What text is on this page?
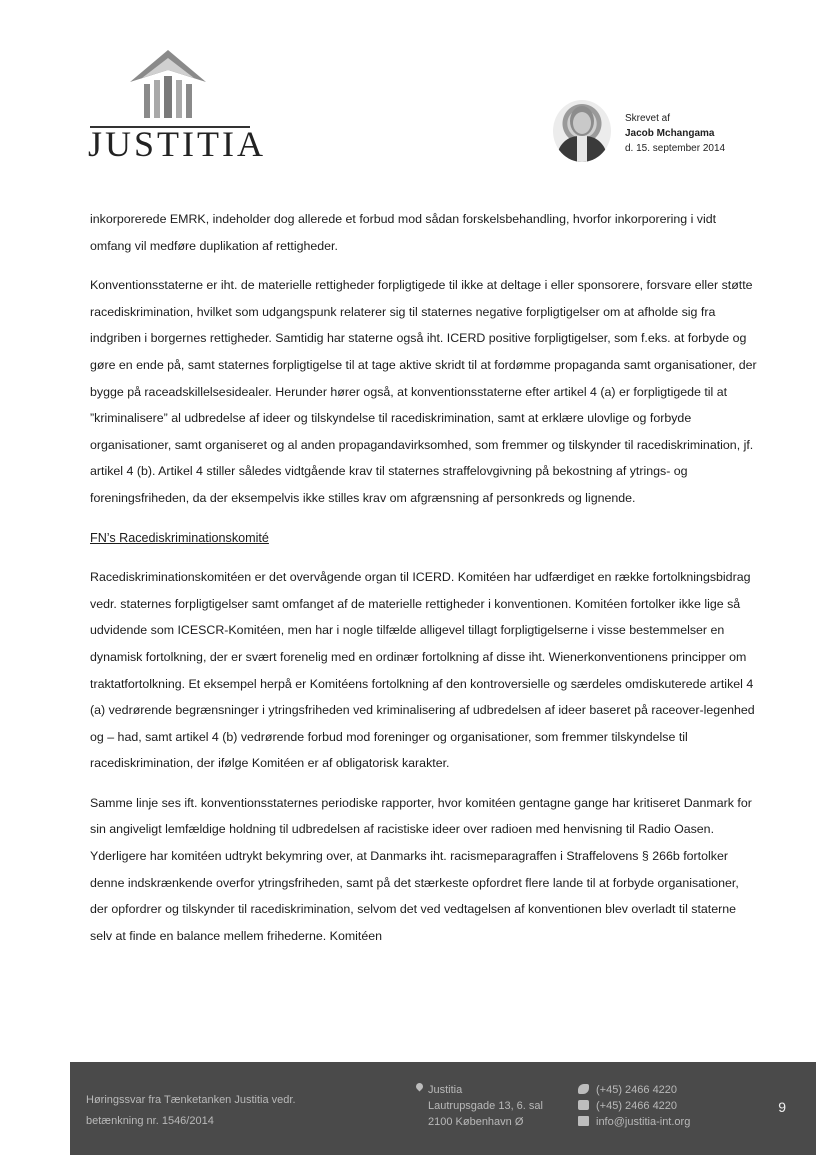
JUSTITIA
Skrevet af
Jacob Mchangama
d. 15. september 2014

inkorporerede EMRK, indeholder dog allerede et forbud mod sådan forskelsbehandling, hvorfor inkorporering i vidt omfang vil medføre duplikation af rettigheder.

Konventionsstaterne er iht. de materielle rettigheder forpligtigede til ikke at deltage i eller sponsorere, forsvare eller støtte racediskrimination, hvilket som udgangspunk relaterer sig til staternes negative forpligtigelser om at afholde sig fra indgriben i borgernes rettigheder. Samtidig har staterne også iht. ICERD positive forpligtigelser, som f.eks. at forbyde og gøre en ende på, samt staternes forpligtigelse til at tage aktive skridt til at fordømme propaganda samt organisationer, der bygge på raceadskillelsesidealer. Herunder hører også, at konventionsstaterne efter artikel 4 (a) er forpligtigede til at ”kriminalisere” al udbredelse af ideer og tilskyndelse til racediskrimination, samt at erklære ulovlige og forbyde organisationer, samt organiseret og al anden propagandavirksomhed, som fremmer og tilskynder til racediskrimination, jf. artikel 4 (b). Artikel 4 stiller således vidtgående krav til staternes straffelovgivning på bekostning af ytrings- og foreningsfriheden, da der eksempelvis ikke stilles krav om afgrænsning af personkreds og lignende.

FN’s Racediskriminationskomité

Racediskriminationskomitéen er det overvågende organ til ICERD. Komitéen har udfærdiget en række fortolkningsbidrag vedr. staternes forpligtigelser samt omfanget af de materielle rettigheder i konventionen. Komitéen fortolker ikke lige så udvidende som ICESCR-Komitéen, men har i nogle tilfælde alligevel tillagt forpligtigelserne i visse bestemmelser en dynamisk fortolkning, der er svært forenelig med en ordinær fortolkning af disse iht. Wienerkonventionens principper om traktatfortolkning. Et eksempel herpå er Komitéens fortolkning af den kontroversielle og særdeles omdiskuterede artikel 4 (a) vedrørende begrænsninger i ytringsfriheden ved kriminalisering af udbredelsen af ideer baseret på raceover-legenhed og – had, samt artikel 4 (b) vedrørende forbud mod foreninger og organisationer, som fremmer tilskyndelse til racediskrimination, der ifølge Komitéen er af obligatorisk karakter.

Samme linje ses ift. konventionsstaternes periodiske rapporter, hvor komitéen gentagne gange har kritiseret Danmark for sin angiveligt lemfældige holdning til udbredelsen af racistiske ideer over radioen med henvisning til Radio Oasen. Yderligere har komitéen udtrykt bekymring over, at Danmarks iht. racismeparagraffen i Straffelovens § 266b fortolker denne indskrænkende overfor ytringsfriheden, samt på det stærkeste opfordret flere lande til at forbyde organisationer, der opfordrer og tilskynder til racediskrimination, selvom det ved vedtagelsen af konventionen blev overladt til staterne selv at finde en balance mellem frihederne. Komitéen

Høringssvar fra Tænketanken Justitia vedr.
betænkning nr. 1546/2014
Justitia
Lautrupsgade 13, 6. sal
2100 København Ø
(+45) 2466 4220
(+45) 2466 4220
info@justitia-int.org
9
